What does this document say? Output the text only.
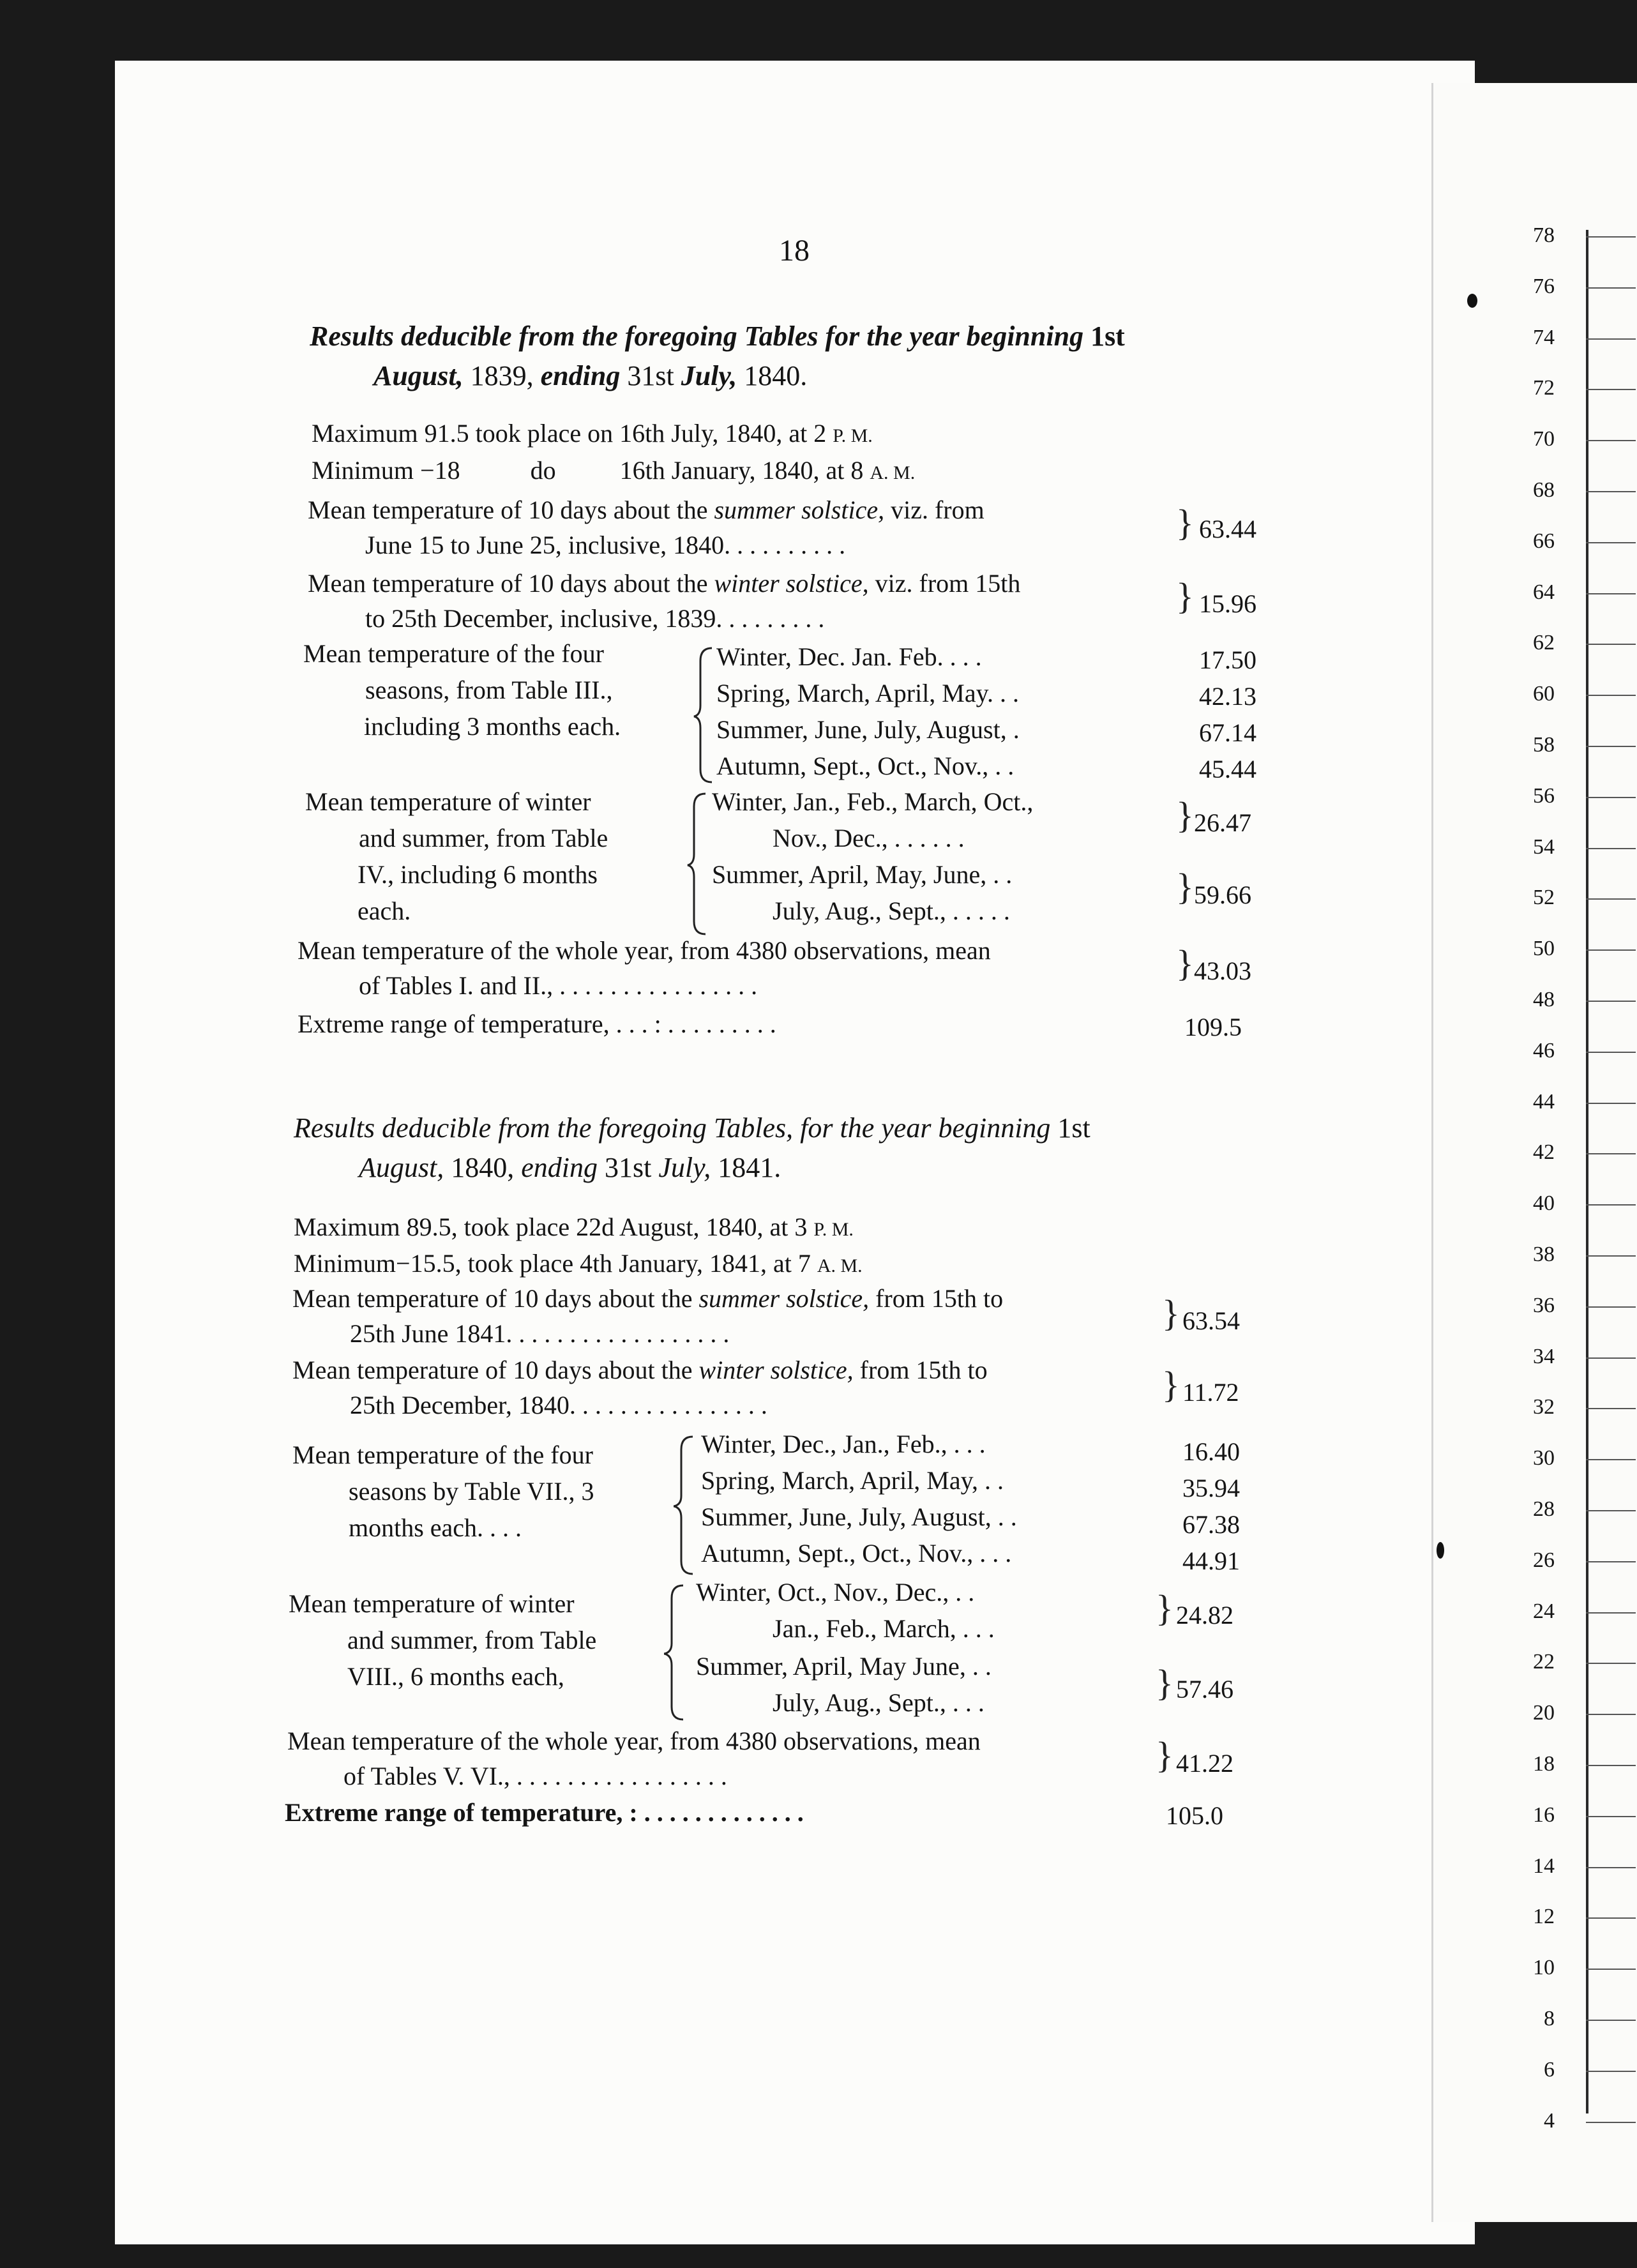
78
76
74
72
70
68
66
64
62
60
58
56
54
52
50
48
46
44
42
40
38
36
34
32
30
28
26
24
22
20
18
16
14
12
10
8
6
4
18
Results deducible from the foregoing Tables for the year beginning 1st
August, 1839, ending 31st July, 1840.
Maximum 91.5 took place on 16th July, 1840, at 2 P. M.
Minimum −18	do	16th January, 1840, at 8 A. M.
Mean temperature of 10 days about the summer solstice, viz. from
June 15 to June 25, inclusive, 1840. . . . . . . . . .
} 63.44
Mean temperature of 10 days about the winter solstice, viz. from 15th
to 25th December, inclusive, 1839. . . . . . . . .
} 15.96
Mean temperature of the four
seasons, from Table III.,
including 3 months each.
Winter, Dec. Jan. Feb. . . .	17.50
Spring, March, April, May. . .	42.13
Summer, June, July, August, .	67.14
Autumn, Sept., Oct., Nov., . .	45.44
Mean temperature of winter
and summer, from Table
IV., including 6 months
each.
Winter, Jan., Feb., March, Oct.,
Nov., Dec., . . . . . .
} 26.47
Summer, April, May, June, . .
July, Aug., Sept., . . . . .
} 59.66
Mean temperature of the whole year, from 4380 observations, mean
of Tables I. and II., . . . . . . . . . . . . . . . .
} 43.03
Extreme range of temperature, . . . : . . . . . . . . .	109.5
Results deducible from the foregoing Tables, for the year beginning 1st
August, 1840, ending 31st July, 1841.
Maximum 89.5, took place 22d August, 1840, at 3 P. M.
Minimum−15.5, took place 4th January, 1841, at 7 A. M.
Mean temperature of 10 days about the summer solstice, from 15th to
25th June 1841. . . . . . . . . . . . . . . . . .	} 63.54
Mean temperature of 10 days about the winter solstice, from 15th to
25th December, 1840. . . . . . . . . . . . . . . .	} 11.72
Mean temperature of the four
seasons by Table VII., 3
months each. . . .
Winter, Dec., Jan., Feb., . . .	16.40
Spring, March, April, May, . .	35.94
Summer, June, July, August, . .	67.38
Autumn, Sept., Oct., Nov., . . .	44.91
Mean temperature of winter
and summer, from Table
VIII., 6 months each,
Winter, Oct., Nov., Dec., . .
Jan., Feb., March, . . .	} 24.82
Summer, April, May June, . .
July, Aug., Sept., . . .	} 57.46
Mean temperature of the whole year, from 4380 observations, mean
of Tables V. VI., . . . . . . . . . . . . . . . . .
} 41.22
Extreme range of temperature, : . . . . . . . . . . . . .	105.0
